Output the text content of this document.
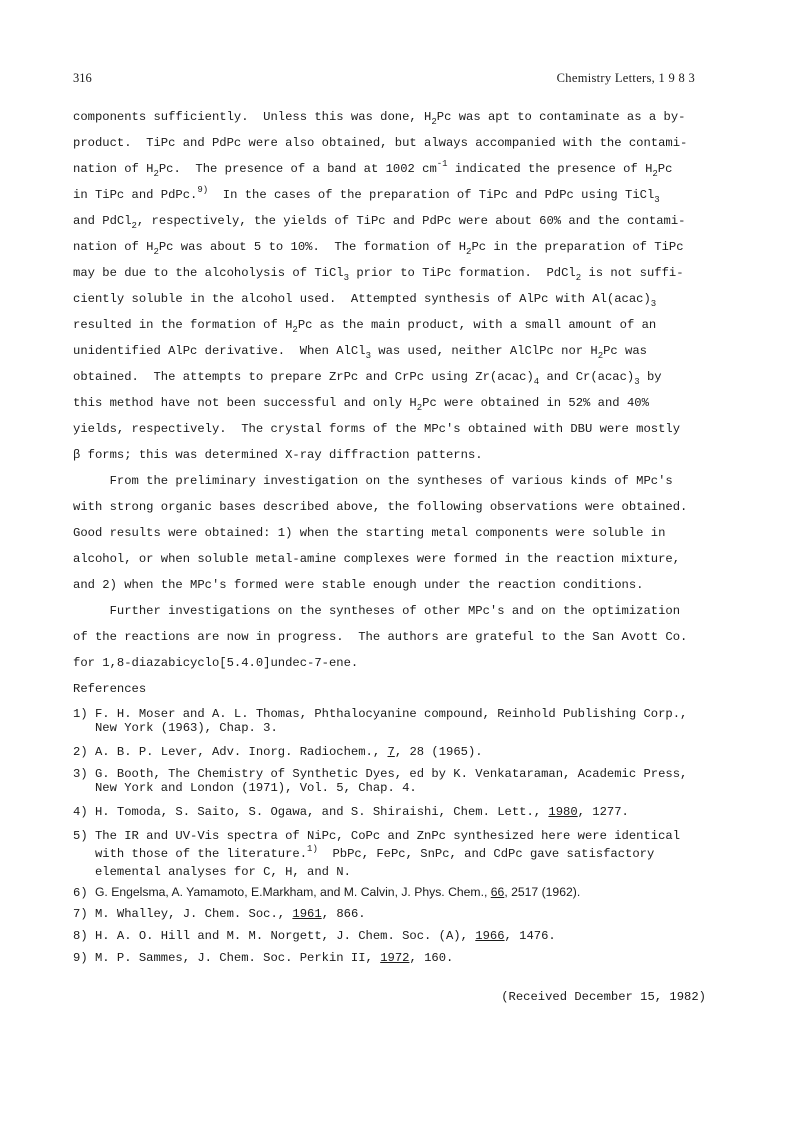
316	Chemistry Letters, 1 9 8 3
components sufficiently.  Unless this was done, $H_2Pc$ was apt to contaminate as a by-
product.  TiPc and PdPc were also obtained, but always accompanied with the contami-
nation of $H_2Pc$.  The presence of a band at 1002 $cm^{-1}$ indicated the presence of $H_2Pc$
in TiPc and PdPc.$^{9)}$  In the cases of the preparation of TiPc and PdPc using TiCl$_3$
and PdCl$_2$, respectively, the yields of TiPc and PdPc were about 60% and the contami-
nation of $H_2Pc$ was about 5 to 10%.  The formation of $H_2Pc$ in the preparation of TiPc
may be due to the alcoholysis of TiCl$_3$ prior to TiPc formation.  PdCl$_2$ is not suffi-
ciently soluble in the alcohol used.  Attempted synthesis of AlPc with $Al(acac)_3$
resulted in the formation of $H_2Pc$ as the main product, with a small amount of an
unidentified AlPc derivative.  When AlCl$_3$ was used, neither AlClPc nor $H_2Pc$ was
obtained.  The attempts to prepare ZrPc and CrPc using $Zr(acac)_4$ and $Cr(acac)_3$ by
this method have not been successful and only $H_2Pc$ were obtained in 52% and 40%
yields, respectively.  The crystal forms of the MPc's obtained with DBU were mostly
β forms; this was determined X-ray diffraction patterns.
From the preliminary investigation on the syntheses of various kinds of MPc's
with strong organic bases described above, the following observations were obtained.
Good results were obtained: 1) when the starting metal components were soluble in
alcohol, or when soluble metal-amine complexes were formed in the reaction mixture,
and 2) when the MPc's formed were stable enough under the reaction conditions.
Further investigations on the syntheses of other MPc's and on the optimization
of the reactions are now in progress.  The authors are grateful to the San Avott Co.
for 1,8-diazabicyclo[5.4.0]undec-7-ene.
References
1) F. H. Moser and A. L. Thomas, Phthalocyanine compound, Reinhold Publishing Corp.,
New York (1963), Chap. 3.
2) A. B. P. Lever, Adv. Inorg. Radiochem., 7, 28 (1965).
3) G. Booth, The Chemistry of Synthetic Dyes, ed by K. Venkataraman, Academic Press,
New York and London (1971), Vol. 5, Chap. 4.
4) H. Tomoda, S. Saito, S. Ogawa, and S. Shiraishi, Chem. Lett., 1980, 1277.
5) The IR and UV-Vis spectra of NiPc, CoPc and ZnPc synthesized here were identical
with those of the literature.$^{1)}$  PbPc, FePc, SnPc, and CdPc gave satisfactory
elemental analyses for C, H, and N.
6) G. Engelsma, A. Yamamoto, E.Markham, and M. Calvin, J. Phys. Chem., 66, 2517 (1962).
7) M. Whalley, J. Chem. Soc., 1961, 866.
8) H. A. O. Hill and M. M. Norgett, J. Chem. Soc. (A), 1966, 1476.
9) M. P. Sammes, J. Chem. Soc. Perkin II, 1972, 160.
(Received December 15, 1982)
